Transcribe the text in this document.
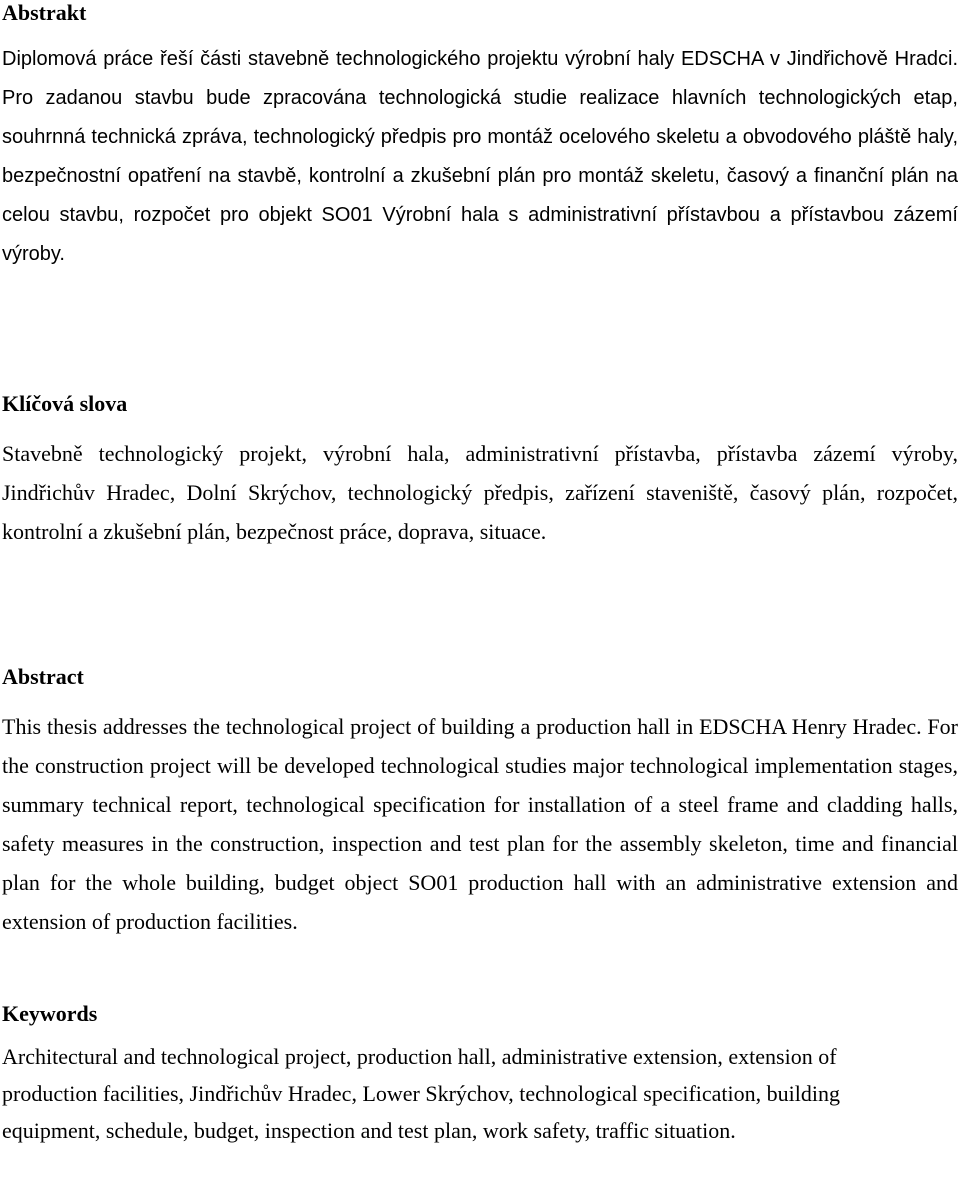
Abstrakt

Diplomová práce řeší části stavebně technologického projektu výrobní haly EDSCHA v Jindřichově Hradci. Pro zadanou stavbu bude zpracována technologická studie realizace hlavních technologických etap, souhrnná technická zpráva, technologický předpis pro montáž ocelového skeletu a obvodového pláště haly, bezpečnostní opatření na stavbě, kontrolní a zkušební plán pro montáž skeletu, časový a finanční plán na celou stavbu, rozpočet pro objekt SO01 Výrobní hala s administrativní přístavbou a přístavbou zázemí výroby.

Klíčová slova

Stavebně technologický projekt, výrobní hala, administrativní přístavba, přístavba zázemí výroby, Jindřichův Hradec, Dolní Skrýchov, technologický předpis, zařízení staveniště, časový plán, rozpočet, kontrolní a zkušební plán, bezpečnost práce, doprava, situace.

Abstract

This thesis addresses the technological project of building a production hall in EDSCHA Henry Hradec. For the construction project will be developed technological studies major technological implementation stages, summary technical report, technological specification for installation of a steel frame and cladding halls, safety measures in the construction, inspection and test plan for the assembly skeleton, time and financial plan for the whole building, budget object SO01 production hall with an administrative extension and extension of production facilities.

Keywords

Architectural and technological project, production hall, administrative extension, extension of production facilities, Jindřichův Hradec, Lower Skrýchov, technological specification, building equipment, schedule, budget, inspection and test plan, work safety, traffic situation.
